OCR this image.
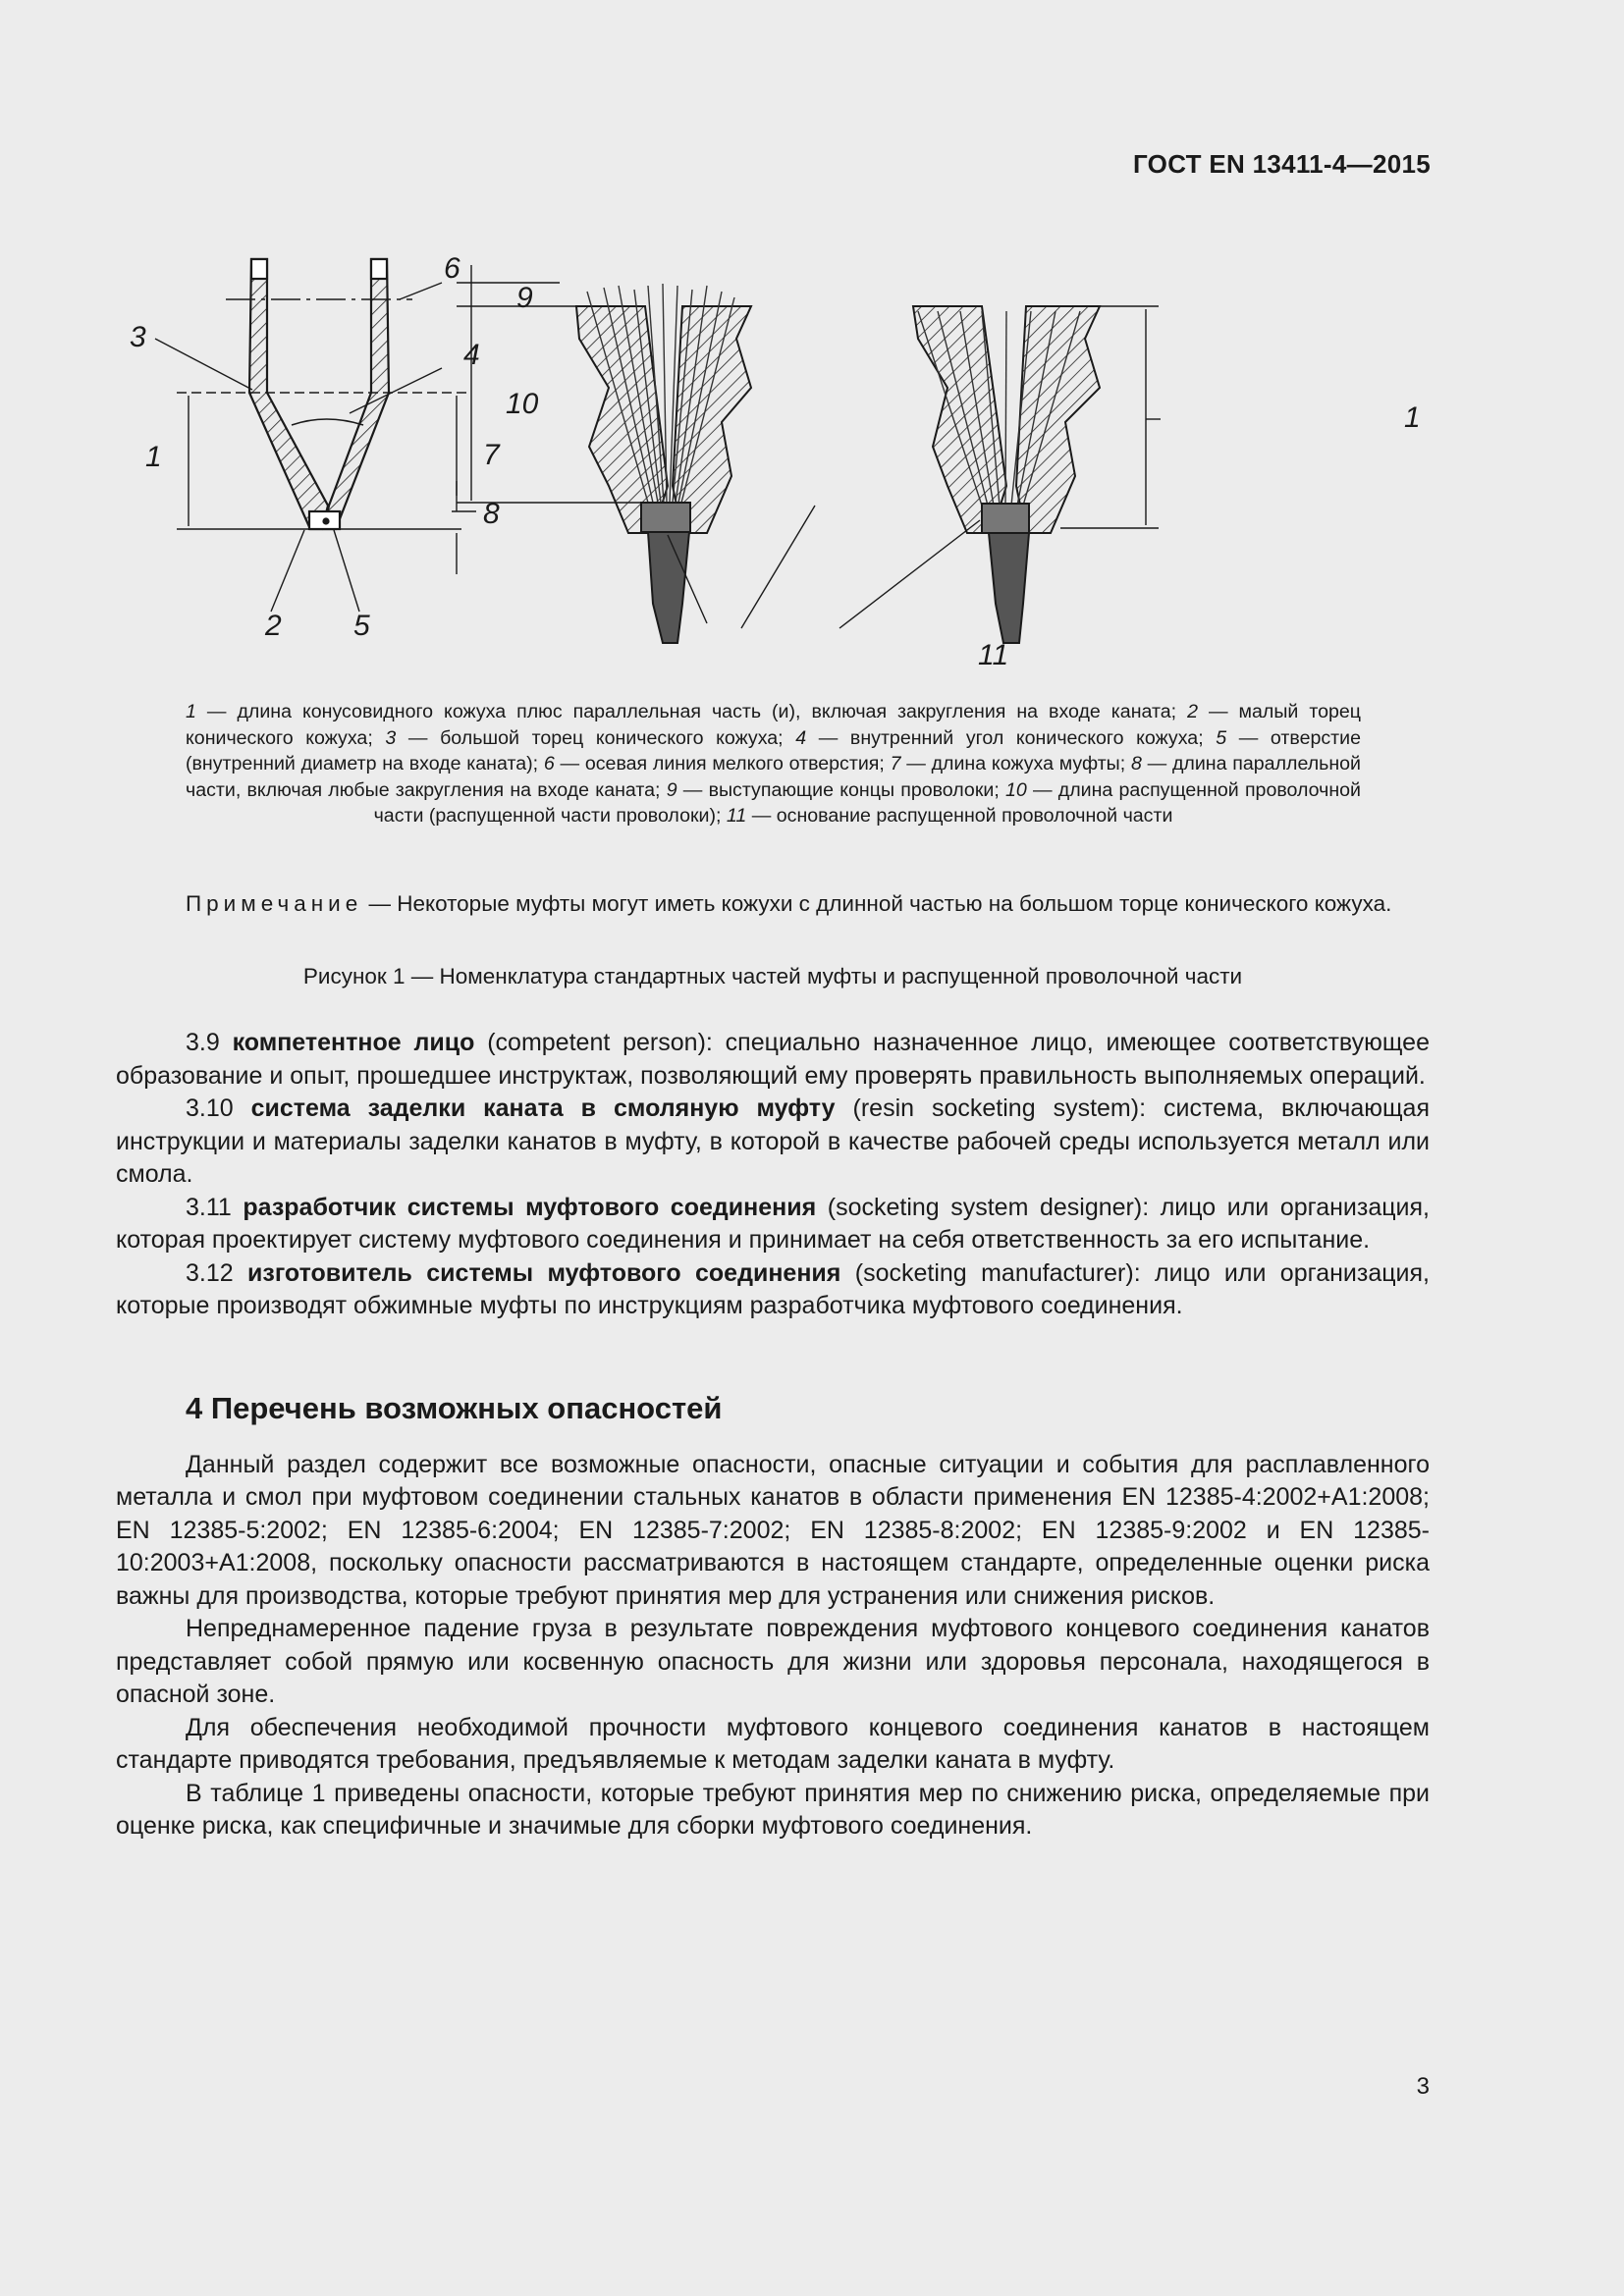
ГОСТ EN 13411-4—2015
3
1
2 5
6
4
7
8
9
10
11
1
1 — длина конусовидного кожуха плюс параллельная часть (и), включая закругления на входе каната; 2 — малый торец конического кожуха; 3 — большой торец конического кожуха; 4 — внутренний угол конического кожуха; 5 — отверстие (внутренний диаметр на входе каната); 6 — осевая линия мелкого отверстия; 7 — длина кожуха муфты; 8 — длина параллельной части, включая любые закругления на входе каната; 9 — выступающие концы проволоки; 10 — длина распущенной проволочной части (распущенной части проволоки); 11 — основание распущенной проволочной части
Примечание — Некоторые муфты могут иметь кожухи с длинной частью на большом торце конического кожуха.
Рисунок 1 — Номенклатура стандартных частей муфты и распущенной проволочной части

3.9 компетентное лицо (competent person): специально назначенное лицо, имеющее соответствующее образование и опыт, прошедшее инструктаж, позволяющий ему проверять правильность выполняемых операций.

3.10 система заделки каната в смоляную муфту (resin socketing system): система, включающая инструкции и материалы заделки канатов в муфту, в которой в качестве рабочей среды используется металл или смола.

3.11 разработчик системы муфтового соединения (socketing system designer): лицо или организация, которая проектирует систему муфтового соединения и принимает на себя ответственность за его испытание.

3.12 изготовитель системы муфтового соединения (socketing manufacturer): лицо или организация, которые производят обжимные муфты по инструкциям разработчика муфтового соединения.

4 Перечень возможных опасностей

Данный раздел содержит все возможные опасности, опасные ситуации и события для расплавленного металла и смол при муфтовом соединении стальных канатов в области применения EN 12385-4:2002+A1:2008; EN 12385-5:2002; EN 12385-6:2004; EN 12385-7:2002; EN 12385-8:2002; EN 12385-9:2002 и EN 12385-10:2003+A1:2008, поскольку опасности рассматриваются в настоящем стандарте, определенные оценки риска важны для производства, которые требуют принятия мер для устранения или снижения рисков.

Непреднамеренное падение груза в результате повреждения муфтового концевого соединения канатов представляет собой прямую или косвенную опасность для жизни или здоровья персонала, находящегося в опасной зоне.

Для обеспечения необходимой прочности муфтового концевого соединения канатов в настоящем стандарте приводятся требования, предъявляемые к методам заделки каната в муфту.

В таблице 1 приведены опасности, которые требуют принятия мер по снижению риска, определяемые при оценке риска, как специфичные и значимые для сборки муфтового соединения.

3
